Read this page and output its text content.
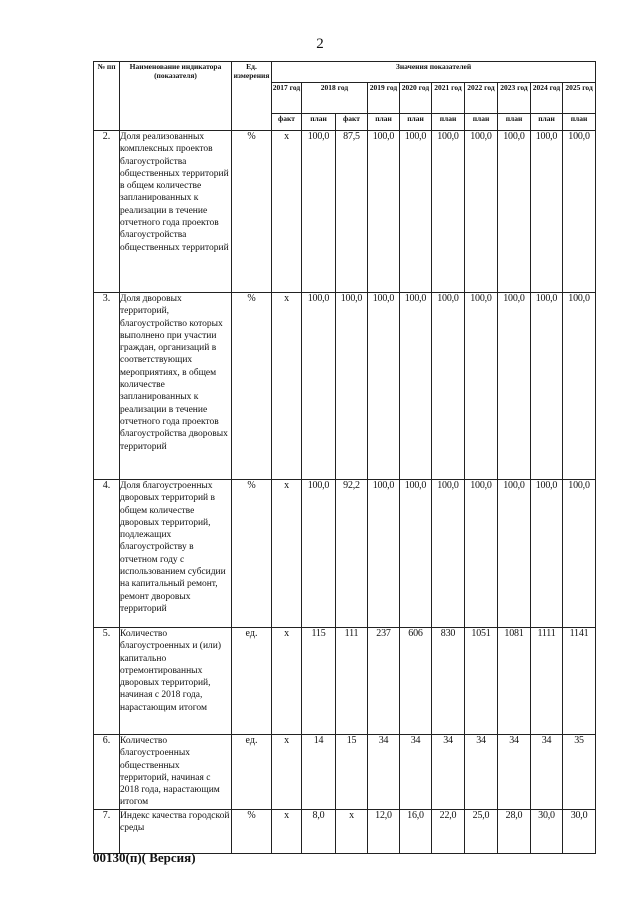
2
№ пп	Наименование индикатора (показателя)	Ед. измерения	Значения показателей									
			2017 год	2018 год		2019 год	2020 год	2021 год	2022 год	2023 год	2024 год	2025 год
			факт	план	факт	план	план	план	план	план	план	план
2.	Доля реализованных комплексных проектов благоустройства общественных территорий в общем количестве запланированных к реализации в течение отчетного года проектов благоустройства общественных территорий	%	х	100,0	87,5	100,0	100,0	100,0	100,0	100,0	100,0	100,0
3.	Доля дворовых территорий, благоустройство которых выполнено при участии граждан, организаций в соответствующих мероприятиях, в общем количестве запланированных к реализации в течение отчетного года проектов благоустройства дворовых территорий	%	х	100,0	100,0	100,0	100,0	100,0	100,0	100,0	100,0	100,0
4.	Доля благоустроенных дворовых территорий в общем количестве дворовых территорий, подлежащих благоустройству в отчетном году с использованием субсидии на капитальный ремонт, ремонт дворовых территорий	%	х	100,0	92,2	100,0	100,0	100,0	100,0	100,0	100,0	100,0
5.	Количество благоустроенных и (или) капитально отремонтированных дворовых территорий, начиная с 2018 года, нарастающим итогом	ед.	х	115	111	237	606	830	1051	1081	1111	1141
6.	Количество благоустроенных общественных территорий, начиная с 2018 года, нарастающим итогом	ед.	х	14	15	34	34	34	34	34	34	35
7.	Индекс качества городской среды	%	х	8,0	х	12,0	16,0	22,0	25,0	28,0	30,0	30,0
00130(п)( Версия)
